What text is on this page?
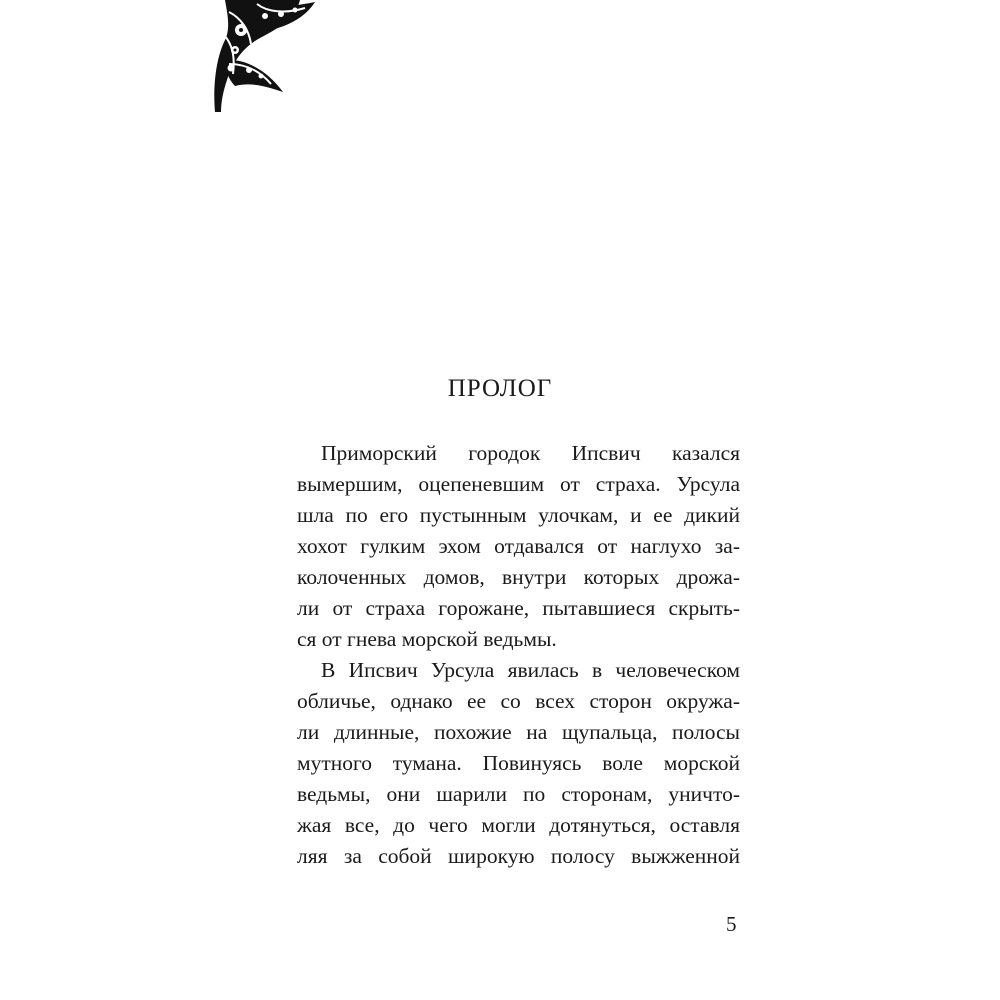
ПРОЛОГ
Приморский городок Ипсвич казался
вымершим, оцепеневшим от страха. Урсула
шла по его пустынным улочкам, и ее дикий
хохот гулким эхом отдавался от наглухо за-
колоченных домов, внутри которых дрожа-
ли от страха горожане, пытавшиеся скрыть-
ся от гнева морской ведьмы.
В Ипсвич Урсула явилась в человеческом
обличье, однако ее со всех сторон окружа-
ли длинные, похожие на щупальца, полосы
мутного тумана. Повинуясь воле морской
ведьмы, они шарили по сторонам, уничто-
жая все, до чего могли дотянуться, оставля
ляя за собой широкую полосу выжженной
5
